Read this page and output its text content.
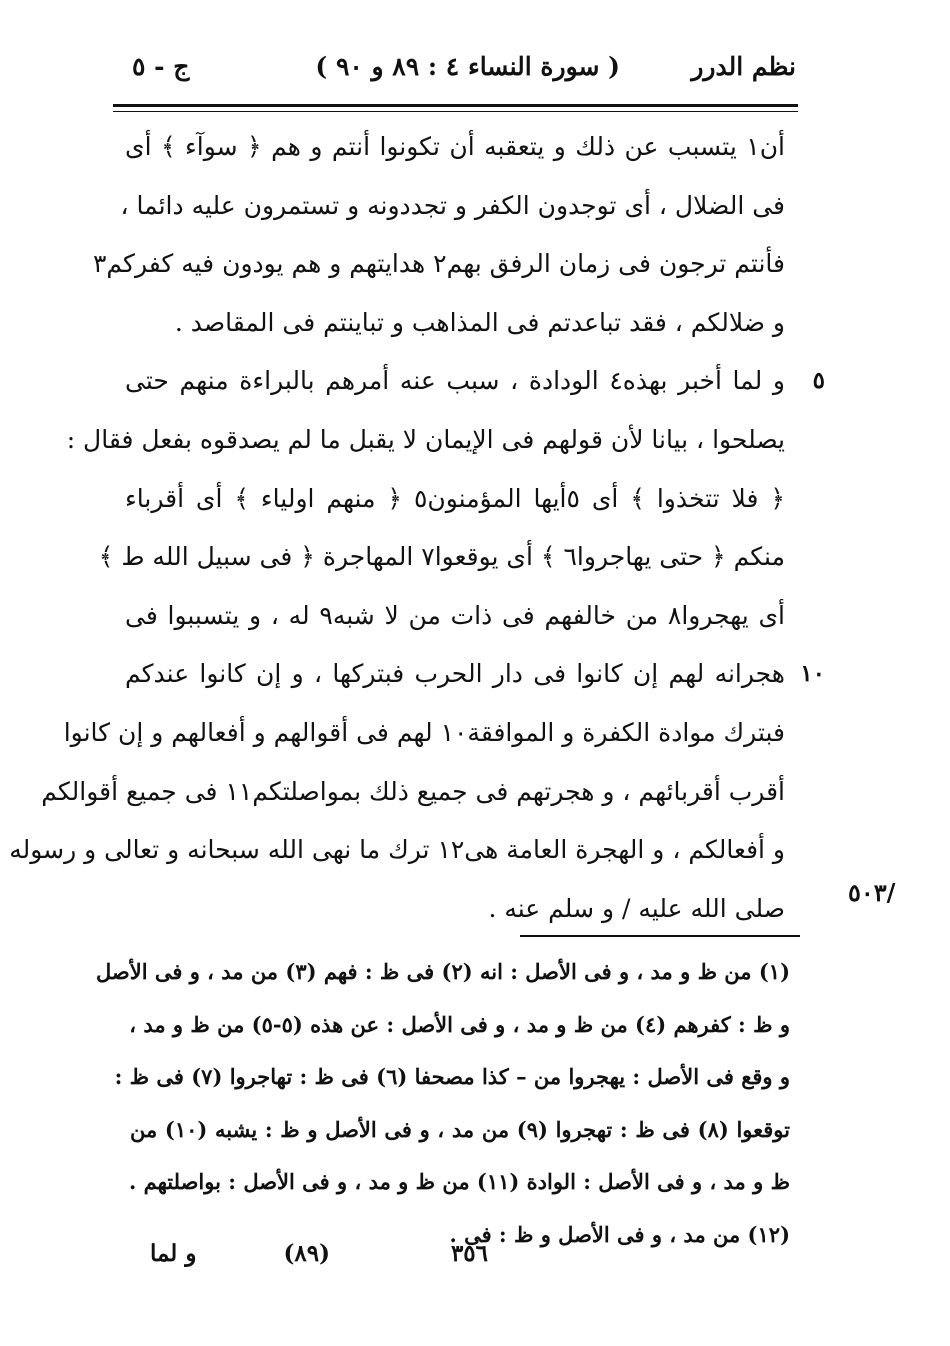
نظم الدرر
( سورة النساء ٤ : ٨٩ و ٩٠ )
ج - ٥
أن١ يتسبب عن ذلك و يتعقبه أن تكونوا أنتم و هم ﴿ سوآء ﴾ أى
فى الضلال ، أى توجدون الكفر و تجددونه و تستمرون عليه دائما ،
فأنتم ترجون فى زمان الرفق بهم٢ هدايتهم و هم يودون فيه كفركم٣
و ضلالكم ، فقد تباعدتم فى المذاهب و تباينتم فى المقاصد .
٥
و لما أخبر بهذه٤ الودادة ، سبب عنه أمرهم بالبراءة منهم حتى
يصلحوا ، بيانا لأن قولهم فى الإيمان لا يقبل ما لم يصدقوه بفعل فقال :
﴿ فلا تتخذوا ﴾ أى ٥أيها المؤمنون٥ ﴿ منهم اولياء ﴾ أى أقرباء
منكم ﴿ حتى يهاجروا٦ ﴾ أى يوقعوا٧ المهاجرة ﴿ فى سبيل الله ط ﴾
أى يهجروا٨ من خالفهم فى ذات من لا شبه٩ له ، و يتسببوا فى
١٠
هجرانه لهم إن كانوا فى دار الحرب فبتركها ، و إن كانوا عندكم
فبترك موادة الكفرة و الموافقة١٠ لهم فى أقوالهم و أفعالهم و إن كانوا
أقرب أقربائهم ، و هجرتهم فى جميع ذلك بمواصلتكم١١ فى جميع أقوالكم
و أفعالكم ، و الهجرة العامة هى١٢ ترك ما نهى الله سبحانه و تعالى و رسوله
صلى الله عليه / و سلم عنه .
٥٠٣/
(١) من ظ و مد ، و فى الأصل : انه (٢) فى ظ : فهم (٣) من مد ، و فى الأصل
و ظ : كفرهم (٤) من ظ و مد ، و فى الأصل : عن هذه (٥-٥) من ظ و مد ،
و وقع فى الأصل : يهجروا من – كذا مصحفا (٦) فى ظ : تهاجروا (٧) فى ظ :
توقعوا (٨) فى ظ : تهجروا (٩) من مد ، و فى الأصل و ظ : يشبه (١٠) من
ظ و مد ، و فى الأصل : الوادة (١١) من ظ و مد ، و فى الأصل : بواصلتهم .
(١٢) من مد ، و فى الأصل و ظ : فى .
٣٥٦
(٨٩)
و لما
